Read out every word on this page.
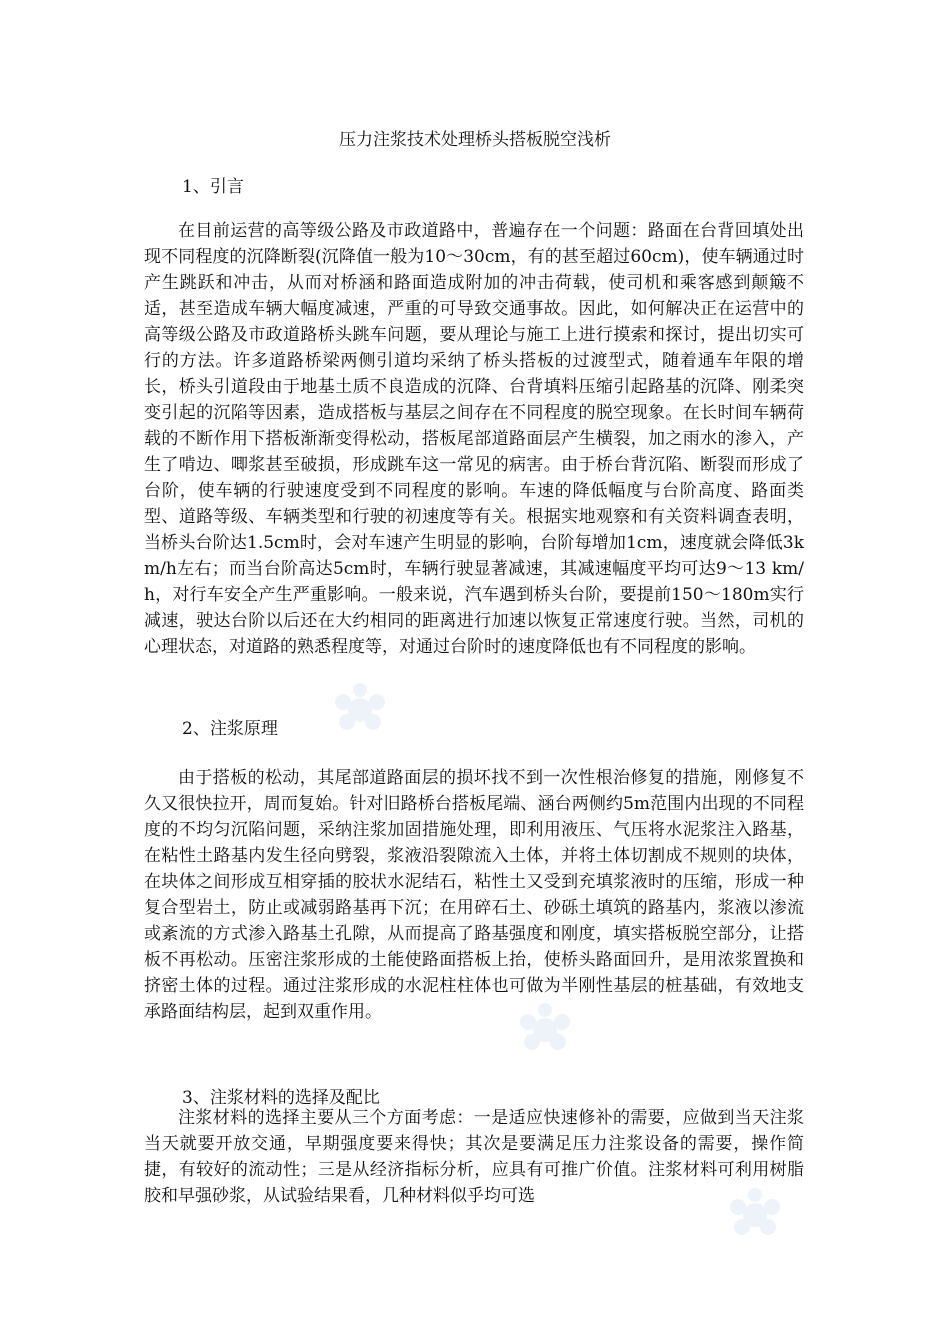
压力注浆技术处理桥头搭板脱空浅析
1、引言

在目前运营的高等级公路及市政道路中，普遍存在一个问题：路面在台背回填处出现不同程度的沉降断裂(沉降值一般为10～30cm，有的甚至超过60cm)，使车辆通过时产生跳跃和冲击，从而对桥涵和路面造成附加的冲击荷载，使司机和乘客感到颠簸不适，甚至造成车辆大幅度减速，严重的可导致交通事故。因此，如何解决正在运营中的高等级公路及市政道路桥头跳车问题，要从理论与施工上进行摸索和探讨，提出切实可行的方法。许多道路桥梁两侧引道均采纳了桥头搭板的过渡型式，随着通车年限的增长，桥头引道段由于地基土质不良造成的沉降、台背填料压缩引起路基的沉降、刚柔突变引起的沉陷等因素，造成搭板与基层之间存在不同程度的脱空现象。在长时间车辆荷载的不断作用下搭板渐渐变得松动，搭板尾部道路面层产生横裂，加之雨水的渗入，产生了啃边、唧浆甚至破损，形成跳车这一常见的病害。由于桥台背沉陷、断裂而形成了台阶，使车辆的行驶速度受到不同程度的影响。车速的降低幅度与台阶高度、路面类型、道路等级、车辆类型和行驶的初速度等有关。根据实地观察和有关资料调查表明，当桥头台阶达1.5cm时，会对车速产生明显的影响，台阶每增加1cm，速度就会降低3km/h左右；而当台阶高达5cm时，车辆行驶显著减速，其减速幅度平均可达9～13 km/h，对行车安全产生严重影响。一般来说，汽车遇到桥头台阶，要提前150～180m实行减速，驶达台阶以后还在大约相同的距离进行加速以恢复正常速度行驶。当然，司机的心理状态，对道路的熟悉程度等，对通过台阶时的速度降低也有不同程度的影响。

2、注浆原理

由于搭板的松动，其尾部道路面层的损坏找不到一次性根治修复的措施，刚修复不久又很快拉开，周而复始。针对旧路桥台搭板尾端、涵台两侧约5m范围内出现的不同程度的不均匀沉陷问题，采纳注浆加固措施处理，即利用液压、气压将水泥浆注入路基，在粘性土路基内发生径向劈裂，浆液沿裂隙流入土体，并将土体切割成不规则的块体，在块体之间形成互相穿插的胶状水泥结石，粘性土又受到充填浆液时的压缩，形成一种复合型岩土，防止或减弱路基再下沉；在用碎石土、砂砾土填筑的路基内，浆液以渗流或紊流的方式渗入路基土孔隙，从而提高了路基强度和刚度，填实搭板脱空部分，让搭板不再松动。压密注浆形成的土能使路面搭板上抬，使桥头路面回升，是用浓浆置换和挤密土体的过程。通过注浆形成的水泥柱柱体也可做为半刚性基层的桩基础，有效地支承路面结构层，起到双重作用。

3、注浆材料的选择及配比

注浆材料的选择主要从三个方面考虑：一是适应快速修补的需要，应做到当天注浆当天就要开放交通，早期强度要来得快；其次是要满足压力注浆设备的需要，操作简捷，有较好的流动性；三是从经济指标分析，应具有可推广价值。注浆材料可利用树脂胶和早强砂浆，从试验结果看，几种材料似乎均可选
